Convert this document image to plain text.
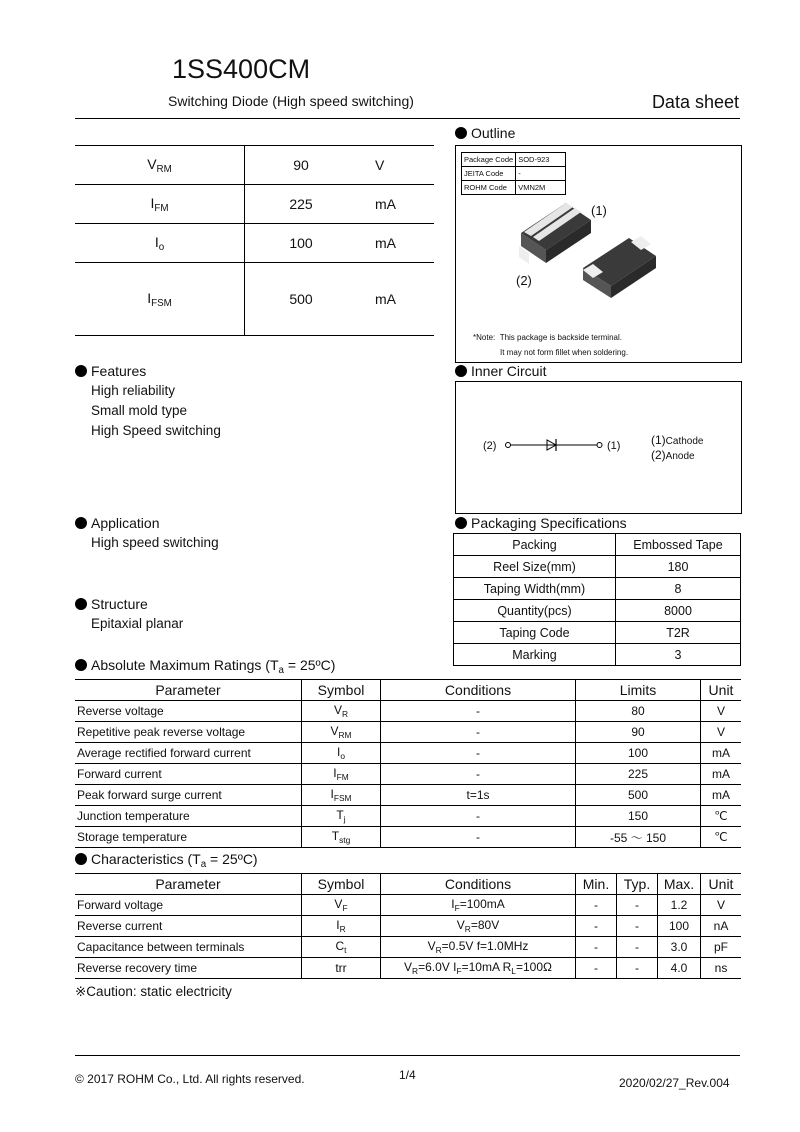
1SS400CM
Switching Diode (High speed switching)	Data sheet
$V_{RM}$	90	V
$I_{FM}$	225	mA
$I_o$	100	mA
$I_{FSM}$	500	mA
Outline
Package Code	SOD-923
JEITA Code	-
ROHM Code	VMN2M
(1)
(2)
*Note: This package is backside terminal.
It may not form fillet when soldering.
Features
High reliability
Small mold type
High Speed switching
Inner Circuit
(2)	(1)	(1)Cathode
(2)Anode
Application
High speed switching
Packaging Specifications
Packing	Embossed Tape
Reel Size(mm)	180
Taping Width(mm)	8
Quantity(pcs)	8000
Taping Code	T2R
Marking	3
Structure
Epitaxial planar
Absolute Maximum Ratings ($T_a$ = 25ºC)
Parameter	Symbol	Conditions	Limits	Unit
Reverse voltage	$V_R$	-	80	V
Repetitive peak reverse voltage	$V_{RM}$	-	90	V
Average rectified forward current	$I_o$	-	100	mA
Forward current	$I_{FM}$	-	225	mA
Peak forward surge current	$I_{FSM}$	t=1s	500	mA
Junction temperature	$T_j$	-	150	℃
Storage temperature	$T_{stg}$	-	-55 ～ 150	℃
Characteristics ($T_a$ = 25ºC)
Parameter	Symbol	Conditions	Min.	Typ.	Max.	Unit
Forward voltage	$V_F$	$I_F=100mA$	-	-	1.2	V
Reverse current	$I_R$	$V_R=80V$	-	-	100	nA
Capacitance between terminals	$C_t$	$V_R=0.5V$ f=1.0MHz	-	-	3.0	pF
Reverse recovery time	trr	$V_R=6.0V$ $I_F=10mA$ $R_L=100\Omega$	-	-	4.0	ns
※Caution: static electricity
© 2017 ROHM Co., Ltd. All rights reserved.	1/4
2020/02/27_Rev.004
